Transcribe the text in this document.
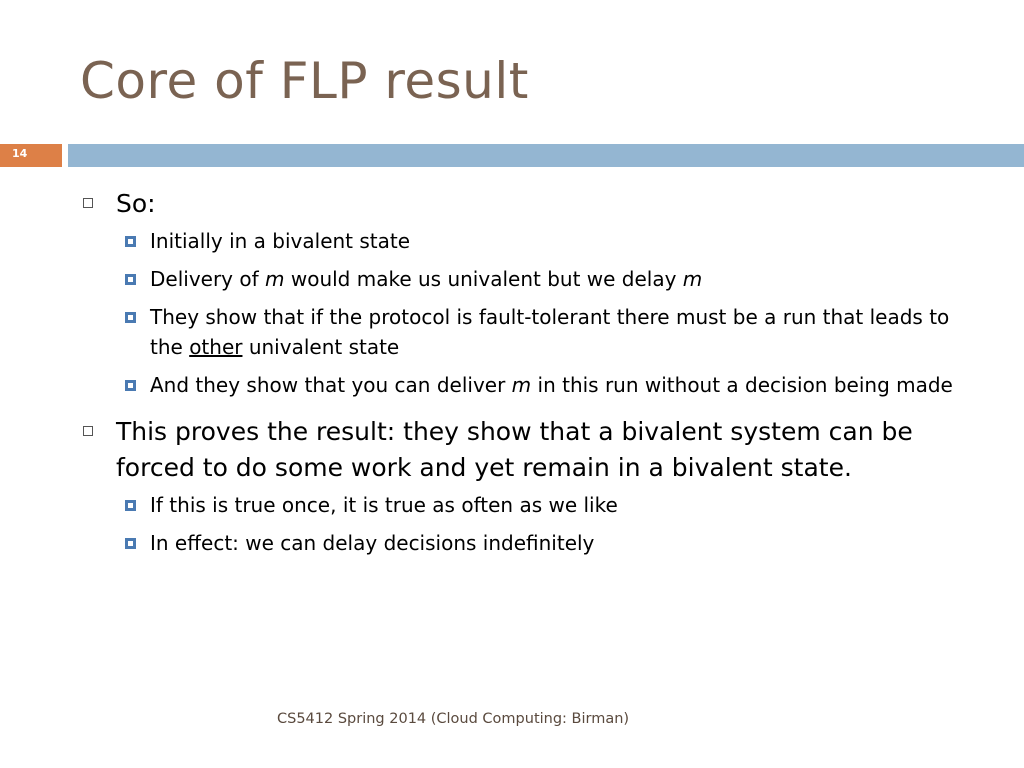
Core of FLP result
14
So:
Initially in a bivalent state
Delivery of m would make us univalent but we delay m
They show that if the protocol is fault-tolerant there must be a run that leads to the other univalent state
And they show that you can deliver m in this run without a decision being made
This proves the result: they show that a bivalent system can be forced to do some work and yet remain in a bivalent state.
If this is true once, it is true as often as we like
In effect: we can delay decisions indefinitely
CS5412 Spring 2014 (Cloud Computing: Birman)
